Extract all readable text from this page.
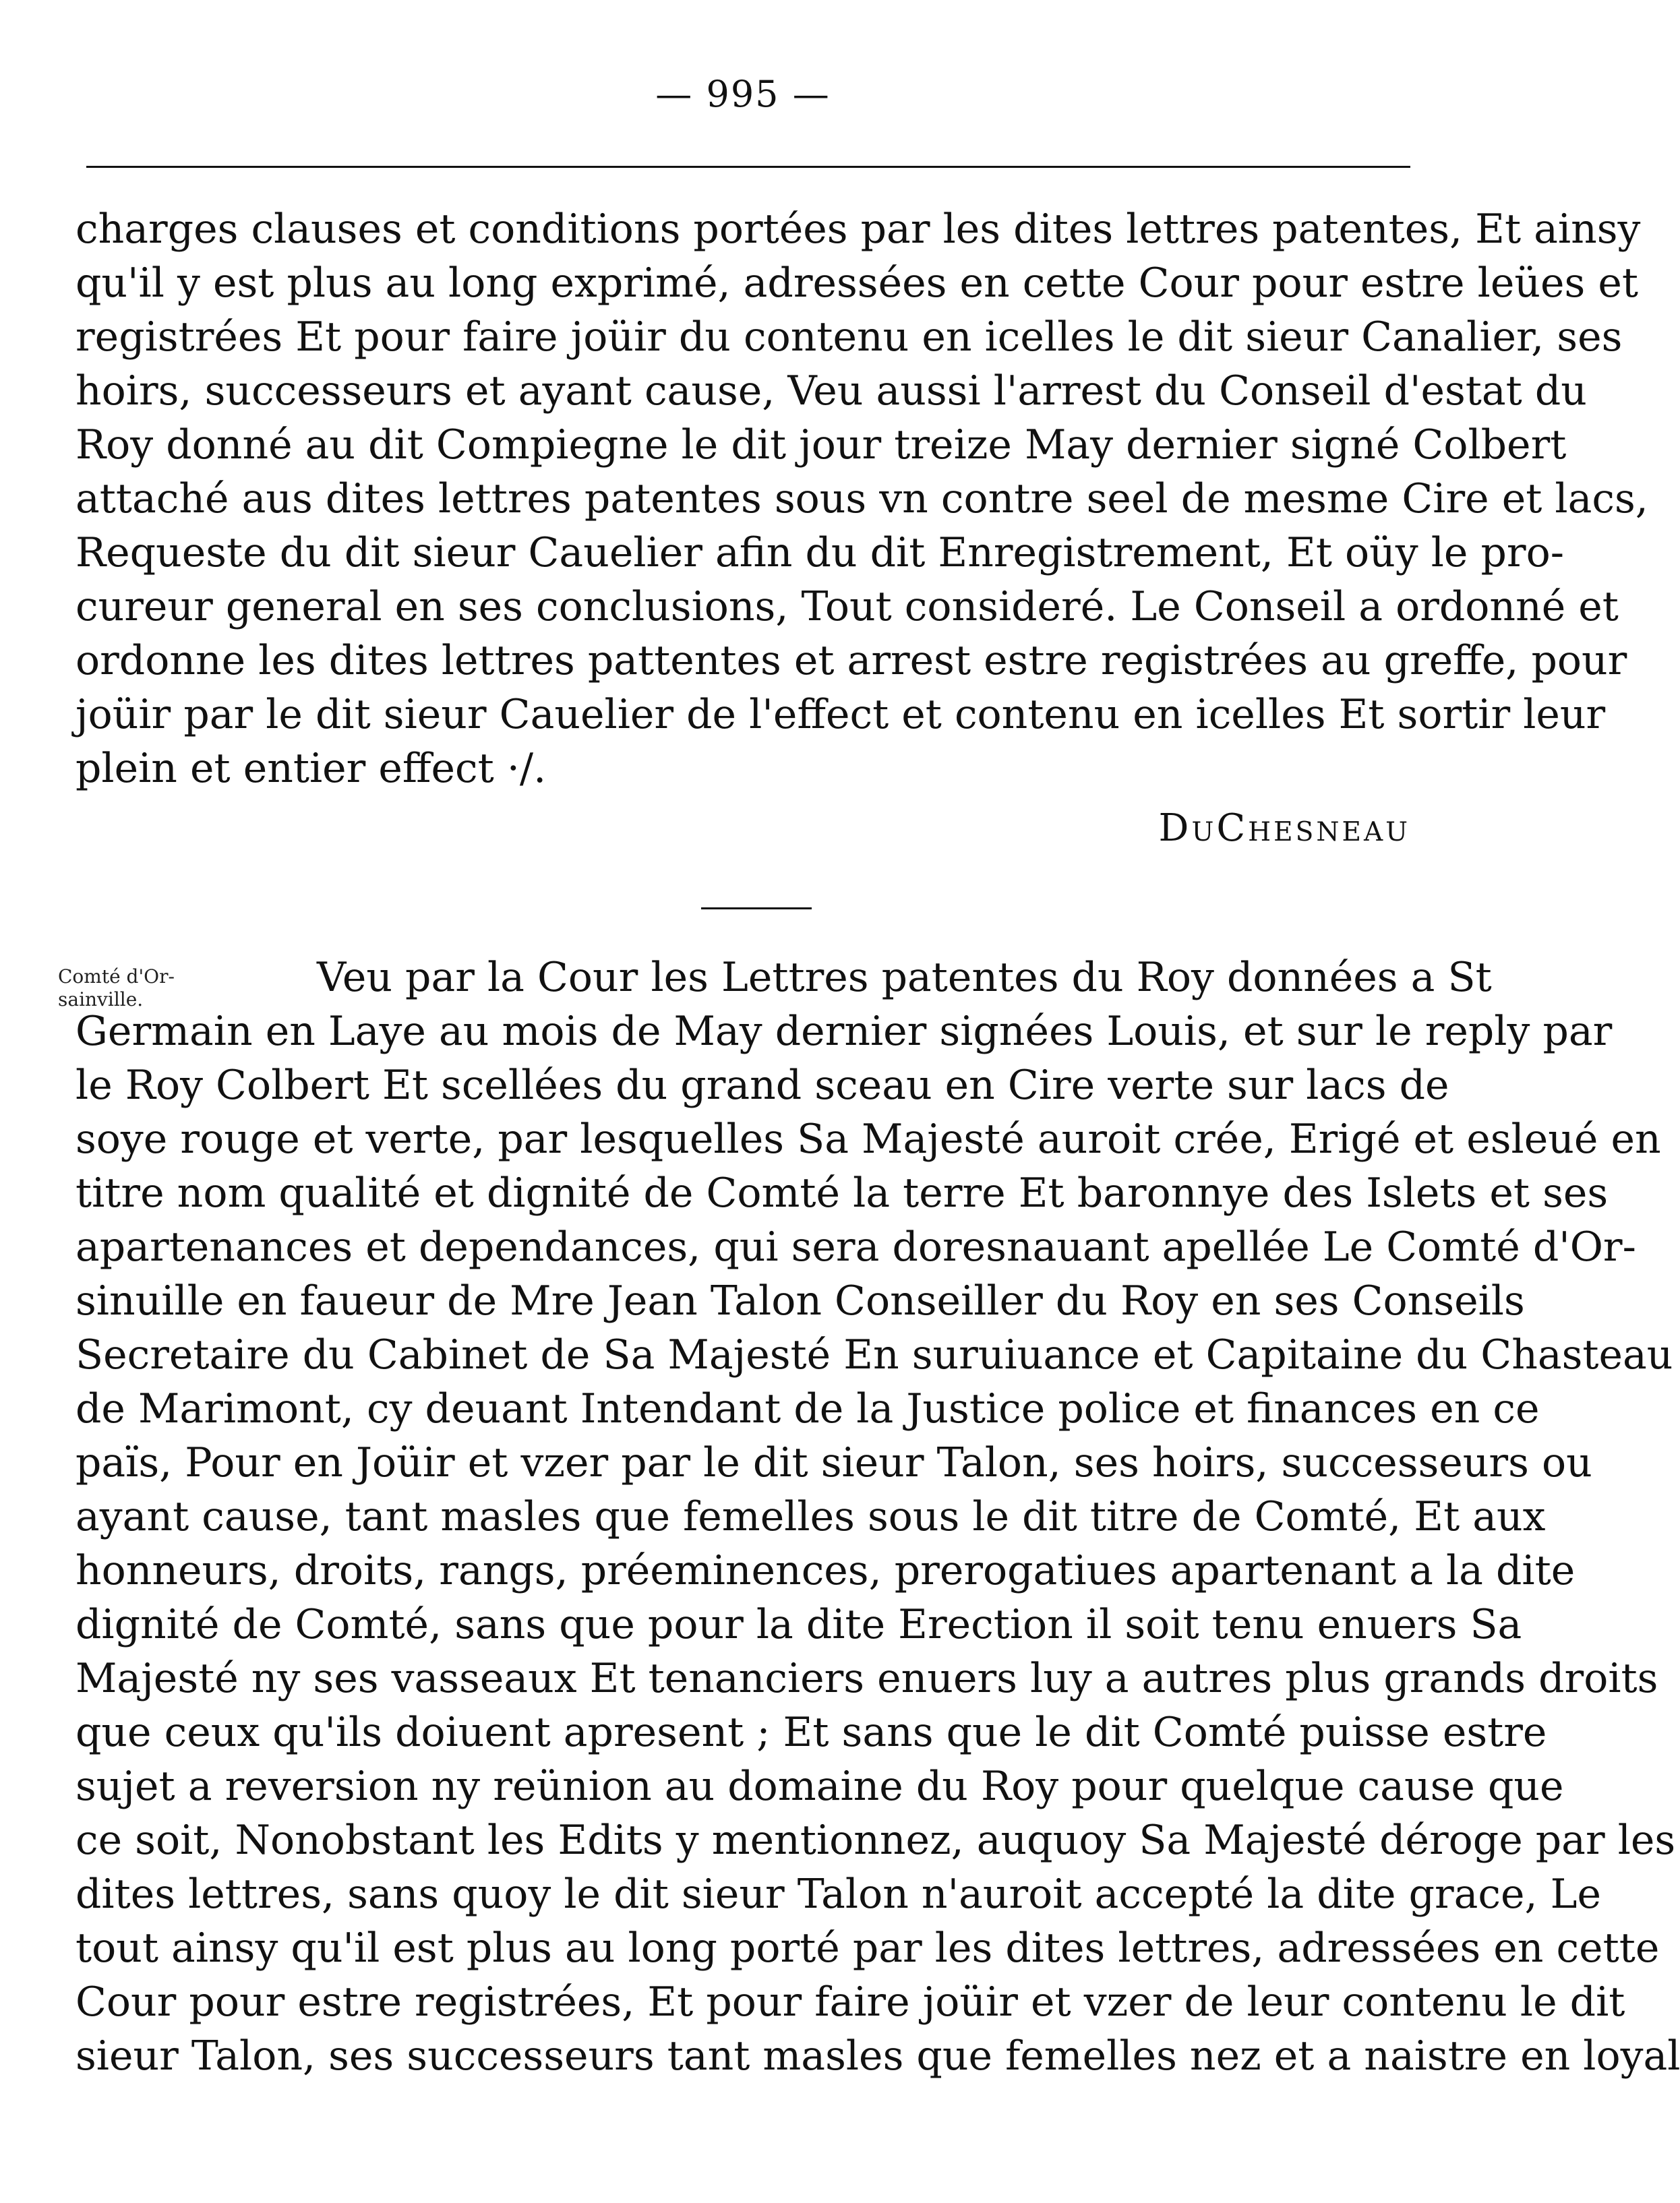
— 995 —
charges clauses et conditions portées par les dites lettres patentes, Et ainsy
qu'il y est plus au long exprimé, adressées en cette Cour pour estre leües et
registrées Et pour faire joüir du contenu en icelles le dit sieur Canalier, ses
hoirs, successeurs et ayant cause, Veu aussi l'arrest du Conseil d'estat du
Roy donné au dit Compiegne le dit jour treize May dernier signé Colbert
attaché aus dites lettres patentes sous vn contre seel de mesme Cire et lacs,
Requeste du dit sieur Cauelier afin du dit Enregistrement, Et oüy le pro-
cureur general en ses conclusions, Tout consideré. Le Conseil a ordonné et
ordonne les dites lettres pattentes et arrest estre registrées au greffe, pour
joüir par le dit sieur Cauelier de l'effect et contenu en icelles Et sortir leur
plein et entier effect ·/.
DuChesneau
Comté d'Or-
sainville.	Veu par la Cour les Lettres patentes du Roy données a St
Germain en Laye au mois de May dernier signées Louis, et sur le reply par
le Roy Colbert Et scellées du grand sceau en Cire verte sur lacs de
soye rouge et verte, par lesquelles Sa Majesté auroit crée, Erigé et esleué en
titre nom qualité et dignité de Comté la terre Et baronnye des Islets et ses
apartenances et dependances, qui sera doresnauant apellée Le Comté d'Or-
sinuille en faueur de Mre Jean Talon Conseiller du Roy en ses Conseils
Secretaire du Cabinet de Sa Majesté En suruiuance et Capitaine du Chasteau
de Marimont, cy deuant Intendant de la Justice police et finances en ce
païs, Pour en Joüir et vzer par le dit sieur Talon, ses hoirs, successeurs ou
ayant cause, tant masles que femelles sous le dit titre de Comté, Et aux
honneurs, droits, rangs, préeminences, prerogatiues apartenant a la dite
dignité de Comté, sans que pour la dite Erection il soit tenu enuers Sa
Majesté ny ses vasseaux Et tenanciers enuers luy a autres plus grands droits
que ceux qu'ils doiuent apresent ; Et sans que le dit Comté puisse estre
sujet a reversion ny reünion au domaine du Roy pour quelque cause que
ce soit, Nonobstant les Edits y mentionnez, auquoy Sa Majesté déroge par les
dites lettres, sans quoy le dit sieur Talon n'auroit accepté la dite grace, Le
tout ainsy qu'il est plus au long porté par les dites lettres, adressées en cette
Cour pour estre registrées, Et pour faire joüir et vzer de leur contenu le dit
sieur Talon, ses successeurs tant masles que femelles nez et a naistre en loyal
